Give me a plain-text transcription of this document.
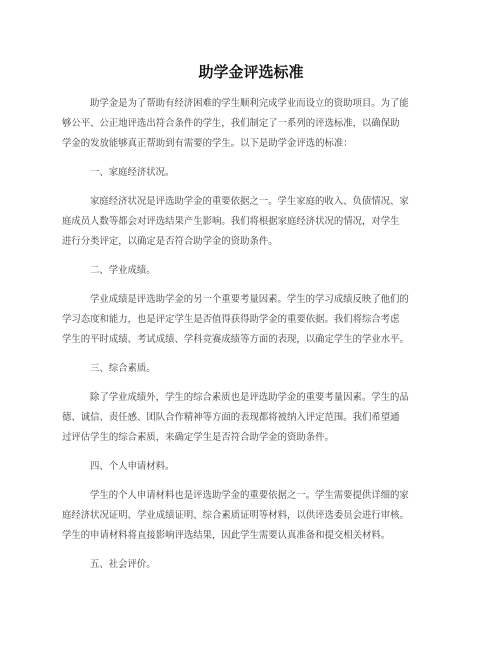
助学金评选标准
助学金是为了帮助有经济困难的学生顺利完成学业而设立的资助项目。为了能
够公平、公正地评选出符合条件的学生，我们制定了一系列的评选标准，以确保助
学金的发放能够真正帮助到有需要的学生。以下是助学金评选的标准：
一、家庭经济状况。
家庭经济状况是评选助学金的重要依据之一。学生家庭的收入、负债情况、家
庭成员人数等都会对评选结果产生影响。我们将根据家庭经济状况的情况，对学生
进行分类评定，以确定是否符合助学金的资助条件。
二、学业成绩。
学业成绩是评选助学金的另一个重要考量因素。学生的学习成绩反映了他们的
学习态度和能力，也是评定学生是否值得获得助学金的重要依据。我们将综合考虑
学生的平时成绩、考试成绩、学科竞赛成绩等方面的表现，以确定学生的学业水平。
三、综合素质。
除了学业成绩外，学生的综合素质也是评选助学金的重要考量因素。学生的品
德、诚信、责任感、团队合作精神等方面的表现都将被纳入评定范围。我们希望通
过评估学生的综合素质，来确定学生是否符合助学金的资助条件。
四、个人申请材料。
学生的个人申请材料也是评选助学金的重要依据之一。学生需要提供详细的家
庭经济状况证明、学业成绩证明、综合素质证明等材料，以供评选委员会进行审核。
学生的申请材料将直接影响评选结果，因此学生需要认真准备和提交相关材料。
五、社会评价。
